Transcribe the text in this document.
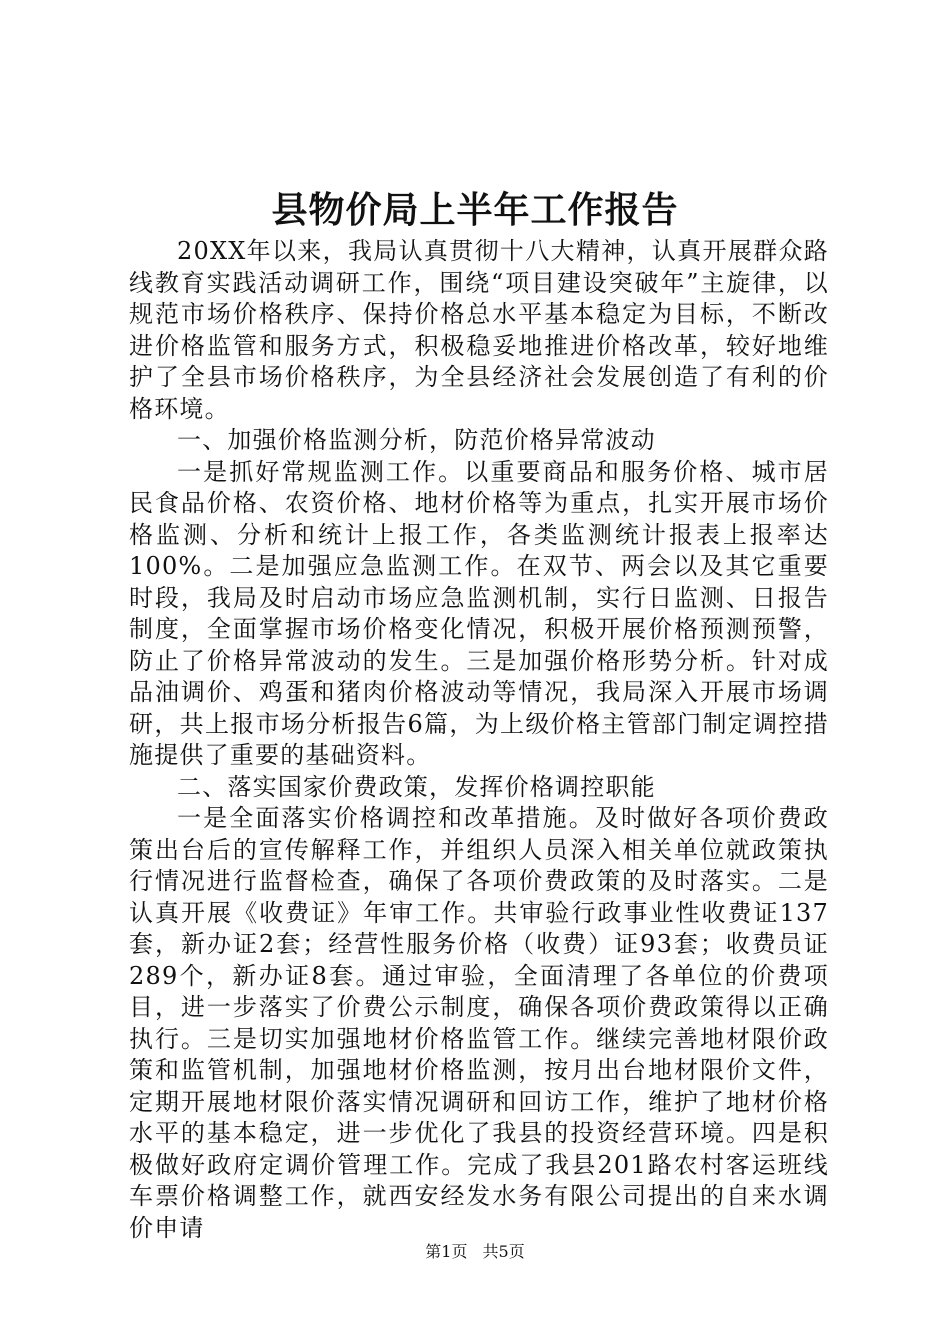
县物价局上半年工作报告

20XX年以来，我局认真贯彻十八大精神，认真开展群众路线教育实践活动调研工作，围绕“项目建设突破年”主旋律，以规范市场价格秩序、保持价格总水平基本稳定为目标，不断改进价格监管和服务方式，积极稳妥地推进价格改革，较好地维护了全县市场价格秩序，为全县经济社会发展创造了有利的价格环境。

一、加强价格监测分析，防范价格异常波动

一是抓好常规监测工作。以重要商品和服务价格、城市居民食品价格、农资价格、地材价格等为重点，扎实开展市场价格监测、分析和统计上报工作，各类监测统计报表上报率达100%。二是加强应急监测工作。在双节、两会以及其它重要时段，我局及时启动市场应急监测机制，实行日监测、日报告制度，全面掌握市场价格变化情况，积极开展价格预测预警，防止了价格异常波动的发生。三是加强价格形势分析。针对成品油调价、鸡蛋和猪肉价格波动等情况，我局深入开展市场调研，共上报市场分析报告6篇，为上级价格主管部门制定调控措施提供了重要的基础资料。

二、落实国家价费政策，发挥价格调控职能

一是全面落实价格调控和改革措施。及时做好各项价费政策出台后的宣传解释工作，并组织人员深入相关单位就政策执行情况进行监督检查，确保了各项价费政策的及时落实。二是认真开展《收费证》年审工作。共审验行政事业性收费证137套，新办证2套；经营性服务价格（收费）证93套；收费员证289个，新办证8套。通过审验，全面清理了各单位的价费项目，进一步落实了价费公示制度，确保各项价费政策得以正确执行。三是切实加强地材价格监管工作。继续完善地材限价政策和监管机制，加强地材价格监测，按月出台地材限价文件，定期开展地材限价落实情况调研和回访工作，维护了地材价格水平的基本稳定，进一步优化了我县的投资经营环境。四是积极做好政府定调价管理工作。完成了我县201路农村客运班线车票价格调整工作，就西安经发水务有限公司提出的自来水调价申请

第1页 共5页
